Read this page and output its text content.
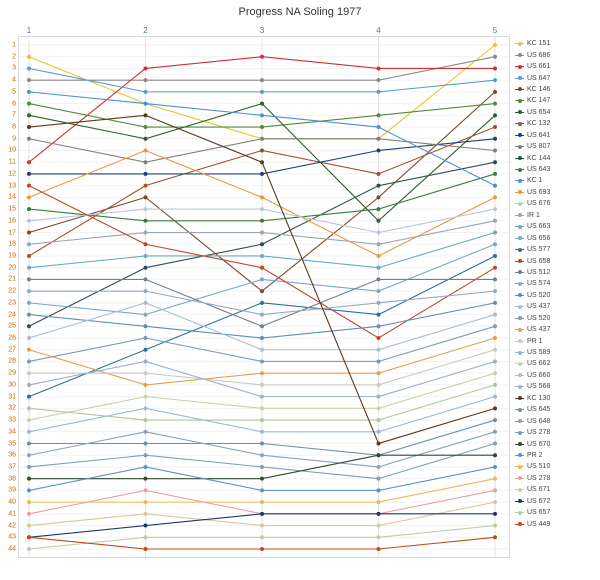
Progress NA Soling 1977
1	2	3	4	5
1
2
3
4
5
6
7
8
9
10
11
12
13
14
15
16
17
18
19
20
21
22
23
24
25
26
27
28
29
30
31
32
33
34
35
36
37
38
39
40
41
42
43
44
KC 151
US 686
US 661
US 647
KC 146
KC 147
US 654
KC 132
US 641
US 807
KC 144
US 643
KC 1
US 693
US 676
IR 1
US 663
US 656
US 577
US 658
US 512
US 574
US 520
US 437
US 520
US 437
PR 1
US 589
US 662
US 660
US 568
KC 130
US 645
US 648
US 278
US 670
PR 2
US 510
US 278
US 671
US 672
US 657
US 449
